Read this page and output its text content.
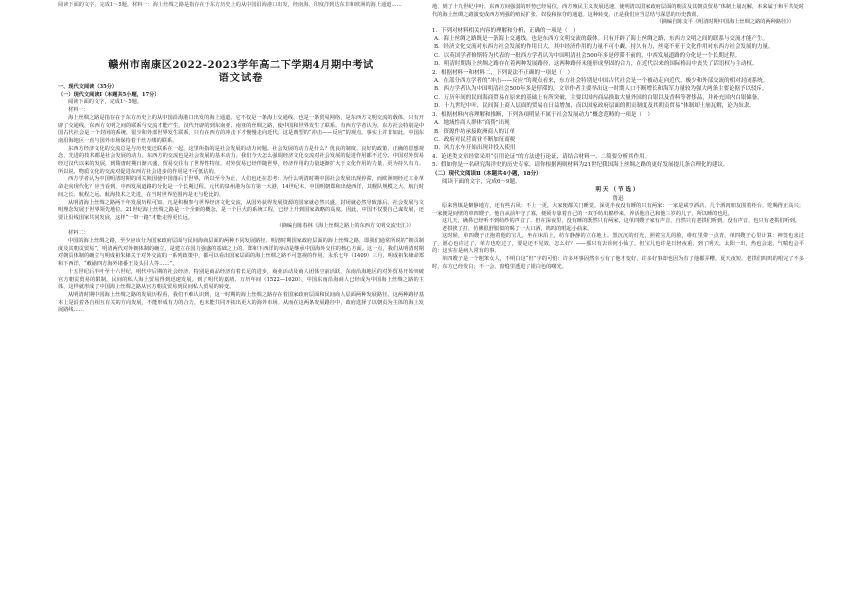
阅读下面的文字，完成1～5题。材料一：海上丝绸之路是指存在于东方历史上的从中国沿海港口出发，经南海、印度洋到达东非和欧洲的海上通道……
赣州市南康区2022-2023学年高二下学期4月期中考试
语文试卷
一、现代文阅读（35分）
（一）现代文阅读Ⅰ（本题共5小题，17分）
阅读下面的文字，完成1～5题。
材料一：
海上丝绸之路是指存在于东方历史上的从中国沿海港口出发的海上通道，它不仅是一条海上交通线，也是一条贸易网络，是东西方文明交流的载体。只有开辟了交通线，东西方文明之间的联系与交流才能产生。汉代开辟的到东南亚、南亚的丝绸之路，使中国和世界发生了联系。有西方学者认为，东方社会特别是中国古代社会是一个封闭的系统，很少和外部世界发生联系，只有在西方的冲击下才慢慢走向近代。这是典型的“冲击——反应”的观点。事实上并非如此，中国东南沿海地区一直与国外市场保持着千丝万缕的联系。
东西方经济文化的交流总是与历史变迁联系在一起，这里所指的是社会发展的动力问题。社会发展的动力是什么？优良的制度、良好的政策、正确的思想观念，先进的技术都是社会发展的动力。东西方的交流也是社会发展的基本动力。我们今天怎么强调经济文化交流对社会发展的促进作用都不过分。中国对外贸易经过汉代以来的发展，到隋唐时期日渐兴盛，贸易交往有了世界性特征。对外贸易已经伴随世界，经济作用的力量逐渐扩大于文化作用的力量，更为持久有力。所以说，物质文化的交流对促进东西方社会进步的作用是不可低估的。
西方学者认为中国明清时期的闭关锁国使中国落后于世界，所以至今为止，人们也还在思考：为什么明清时期中国社会发展出现停滞，而欧洲则经过工业革命走向现代化？应当看到，中西发展道路的分化是一个长期过程。元代的泉州港为东方第一大港，14世纪末，中国明朝郑和出使西洋，其舰队规模之大、航行时间之长、航程之远、航海技术之先进，在当时世界范围内是无与伦比的。
从明清海上丝绸之路两千年发展历程可知，凡是积极参与世界经济文化交流，从国外获得发展资源的国家就必然兴盛，封闭就必然导致落后。社会发展与文明理念发展于世界领先地位。21世纪海上丝绸之路是一个全新的概念，是一个巨大的系统工程，已经上升到国家战略的高度。因此，中国不仅要自己谋发展，还要让沿线国家共同发展，这样“一带一路”才能走得更长远。
（摘编自陈春林《海上丝绸之路上的东西方文明交流史汇》）
材料二：
中国的海上丝绸之路，至少应该分为国家政府层面与民间海商层面的两种不同发展路径。明清时期国家政府层面的海上丝绸之路，即我们通常所说的“朝贡制度及其朝贡贸易”，明清两代对外朝体制的确立，是建立在国力强盛的基础之上的。郑和下西洋的举动是继承中国海外交往的核心方面。这一点，我们从明清时期对朝贡体制的确立与明成祖朱棣关于对外交流的一系列政策中，都可以看出国家层面的海上丝绸之路不可忽视的作用。永乐七年（1409）三月，明成祖朱棣命郑和下西洋，“敕谕四方海外诸番王及头目人等……”。
十五世纪后半叶至十六世纪，明代中后期的社会经济，特别是商品经济有着长足的进步，商业活动及商人团体空前活跃，东南沿海地区的对外贸易开始突破官方朝贡贸易的限制。民间的私人海上贸易得到迅速发展。到了明代的嘉靖、万历年间（1522—1620），中国东南沿海商人已经成为中国海上丝绸之路的主体，这样就形成了中国海上丝绸之路从官方朝贡贸易到民间私人贸易的转变。
从明清时期中国海上丝绸之路的发展历程看，我们不难认识到，这一时期的海上丝绸之路存在着国家政府层面和民间商人层面两种发展路径。这两种路径基本上是沿着各自相互有关的方向发展，不能形成有力的合力，也未能共同开拓出更大的海外市场。从而在这两条发展路径中，政府选择了以朝贡为主体的海上发展路线……
地，到了十九世纪中叶，东西方间强弱的形势已经易位，西方殖民主义发展迅速，使明清以国家政府层面的朝贡及其朝贡贸易”体制土崩瓦解，本来属于和平共处时代的海上丝绸之路演变成西方列强的殖民扩张、奴役和掠夺的通道。这种转变，正是我们应当总结与深思的历史教训。
（摘编自陈支平《明清时期中国海上丝绸之路的两种路径》）
1．下列对材料相关内容的理解和分析，正确的一项是（　）
A．海上丝绸之路既是一条海上交通线，也是东西方文明交流的载体。只有开辟了海上丝绸之路，东西方文明之间的联系与交流才能产生。
B．经济文化交流对东西方社会发展的作用日大，其中经济作用的力量不可小觑，持久有力，丝毫不亚于文化作用对东西方社会发展的力量。
C．以英国学者修斯特为代表的一批西方学者认为中国明清社会500年多是停滞不前的，中西发展道路的分化是一个长期过程。
D．明清时期海上丝绸之路存在着两种发展路径，这两种路径未能形成坚固的合力，在近代以来的国际格局中丧失了话语权与主动权。
2．根据材料一和材料二，下列说法不正确的一项是（　）
A．在部分西方学者的“冲击——反应”的观点看来，东方社会特别是中国古代社会是一个被动走向近代，极少和外部交流的相对封闭系统。
B．西方学者认为中国明清社会500年多是停滞的，文章作者主要举出这一时期人口不断增长和海军力量较为强大两条主要论据予以驳斥。
C．万历年间的民间海商贸易在原来的基础上有所突破，主要以国内商品换取大量外国的白银以及香料等奢侈品，并补充国内白银储备。
D．十九世纪中叶，民间海上商人层面的贸易在日益增加，而以国家政府层面的朝贡制度及其朝贡贸易“体制却土崩瓦解，论为奴隶。
3．根据材料内容理解和推断，下列各项明显不属于社会发展动力“概念范畴的一项是（　）
A．地域性商人群体“商帮”出现
B．资源作坊承接欧洲商人的订单
C．政府对民营商业不断加征商税
D．风力水车开始出现并投入使用
4．论述类文章经常采用“引用论证”的方法进行论证，请结合材料一、二简要分析其作用。
5．假如你是一名研究海洋史的历史专家，请你根据两则材料为21世纪我国海上丝绸之路的更好发展提几条合理化的建议。
（二）现代文阅读Ⅱ（本题共4小题，18分）
阅读下面的文字，完成6～9题。
明天（节选）
鲁迅
原来鲁镇是僻静地方，还有些古风：不上一更，大家便都关门睡觉。深更半夜没有睡的只有两家：一家是咸亨酒店，几个酒肉朋友围着柜台，吃喝得正高兴；一家便是间壁的单四嫂子，他自从前年守了寡，便须专靠着自己的一双手纺出棉纱来，养活他自己和他三岁的儿子，所以睡的也迟。
这几天，确鼻已经听不到纺纱的声音了。但在深夜里，没有睡的既然只有两家，这单四嫂子家有声音，自然只有老拱们听到，没有声音，也只有老拱们听到。
老拱挨了打，仿佛很舒服似的喝了一大口酒，呜呜的唱起小曲来。
这时候，单四嫂子正抱着他的宝儿，坐在床沿上，纺车静静的立在地上。黑沉沉的灯光，照着宝儿的脸，绯红里带一点青。单四嫂子心里计算：神签也求过了，愿心也许过了，单方也吃过了，要是还不见效，怎么好？——那只有去诊何小仙了。但宝儿也许是日轻夜重，到了明天，太阳一出，热也会退，气喘也会平的：这实在是病人常有的事。
单四嫂子是一个粗笨女人，不明白这“但”字的可怕：许多坏事固然幸亏有了他才变好，许多好事却也因为有了他都弄糟。夏天夜短，老拱们呜呜的唱完了不多时，东方已经发白；不一会，窗缝里透进了银白色的曙光。
